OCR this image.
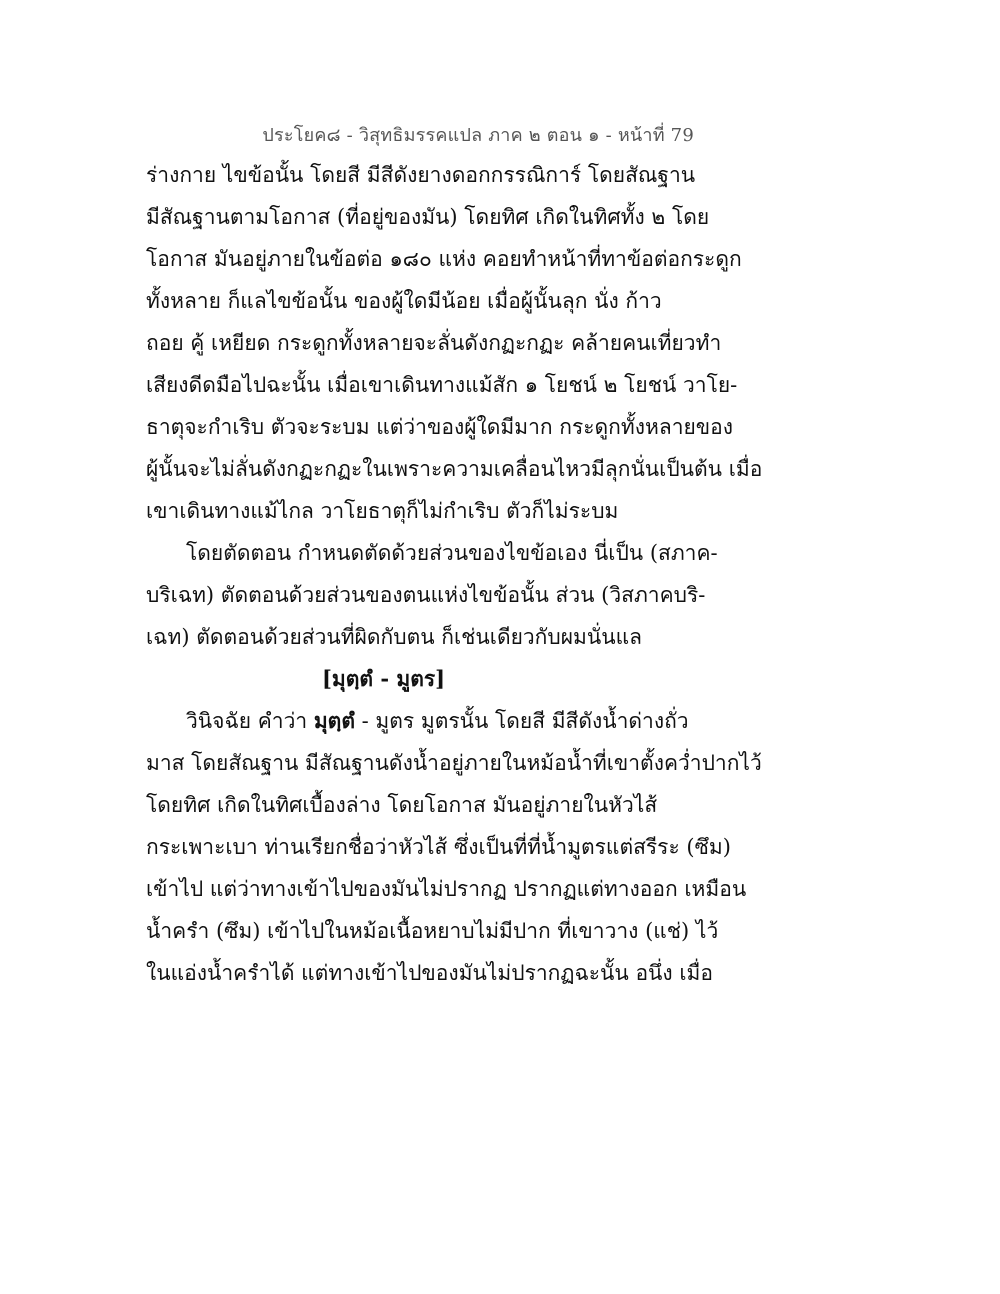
ประโยค๘ - วิสุทธิมรรคแปล ภาค ๒ ตอน ๑ - หน้าที่ 79
ร่างกาย ไขข้อนั้น โดยสี มีสีดังยางดอกกรรณิการ์ โดยสัณฐาน
มีสัณฐานตามโอกาส (ที่อยู่ของมัน) โดยทิศ เกิดในทิศทั้ง ๒ โดย
โอกาส มันอยู่ภายในข้อต่อ ๑๘๐ แห่ง คอยทำหน้าที่ทาข้อต่อกระดูก
ทั้งหลาย ก็แลไขข้อนั้น ของผู้ใดมีน้อย เมื่อผู้นั้นลุก นั่ง ก้าว
ถอย คู้ เหยียด กระดูกทั้งหลายจะลั่นดังกฏะกฏะ คล้ายคนเที่ยวทำ
เสียงดีดมือไปฉะนั้น เมื่อเขาเดินทางแม้สัก ๑ โยชน์ ๒ โยชน์ วาโย-
ธาตุจะกำเริบ ตัวจะระบม แต่ว่าของผู้ใดมีมาก กระดูกทั้งหลายของ
ผู้นั้นจะไม่ลั่นดังกฏะกฏะในเพราะความเคลื่อนไหวมีลุกนั่นเป็นต้น เมื่อ
เขาเดินทางแม้ไกล วาโยธาตุก็ไม่กำเริบ ตัวก็ไม่ระบม
โดยตัดตอน กำหนดตัดด้วยส่วนของไขข้อเอง นี่เป็น (สภาค-
บริเฉท) ตัดตอนด้วยส่วนของตนแห่งไขข้อนั้น ส่วน (วิสภาคบริ-
เฉท) ตัดตอนด้วยส่วนที่ผิดกับตน ก็เช่นเดียวกับผมนั่นแล
[มุตฺตํ - มูตร]
วินิจฉัย คำว่า มุตฺตํ - มูตร มูตรนั้น โดยสี มีสีดังน้ำด่างถั่ว
มาส โดยสัณฐาน มีสัณฐานดังน้ำอยู่ภายในหม้อน้ำที่เขาตั้งคว่ำปากไว้
โดยทิศ เกิดในทิศเบื้องล่าง โดยโอกาส มันอยู่ภายในหัวไส้
กระเพาะเบา ท่านเรียกชื่อว่าหัวไส้ ซึ่งเป็นที่ที่น้ำมูตรแต่สรีระ (ซึม)
เข้าไป แต่ว่าทางเข้าไปของมันไม่ปรากฏ ปรากฏแต่ทางออก เหมือน
น้ำครำ (ซึม) เข้าไปในหม้อเนื้อหยาบไม่มีปาก ที่เขาวาง (แช่) ไว้
ในแอ่งน้ำครำได้ แต่ทางเข้าไปของมันไม่ปรากฏฉะนั้น อนึ่ง เมื่อ
